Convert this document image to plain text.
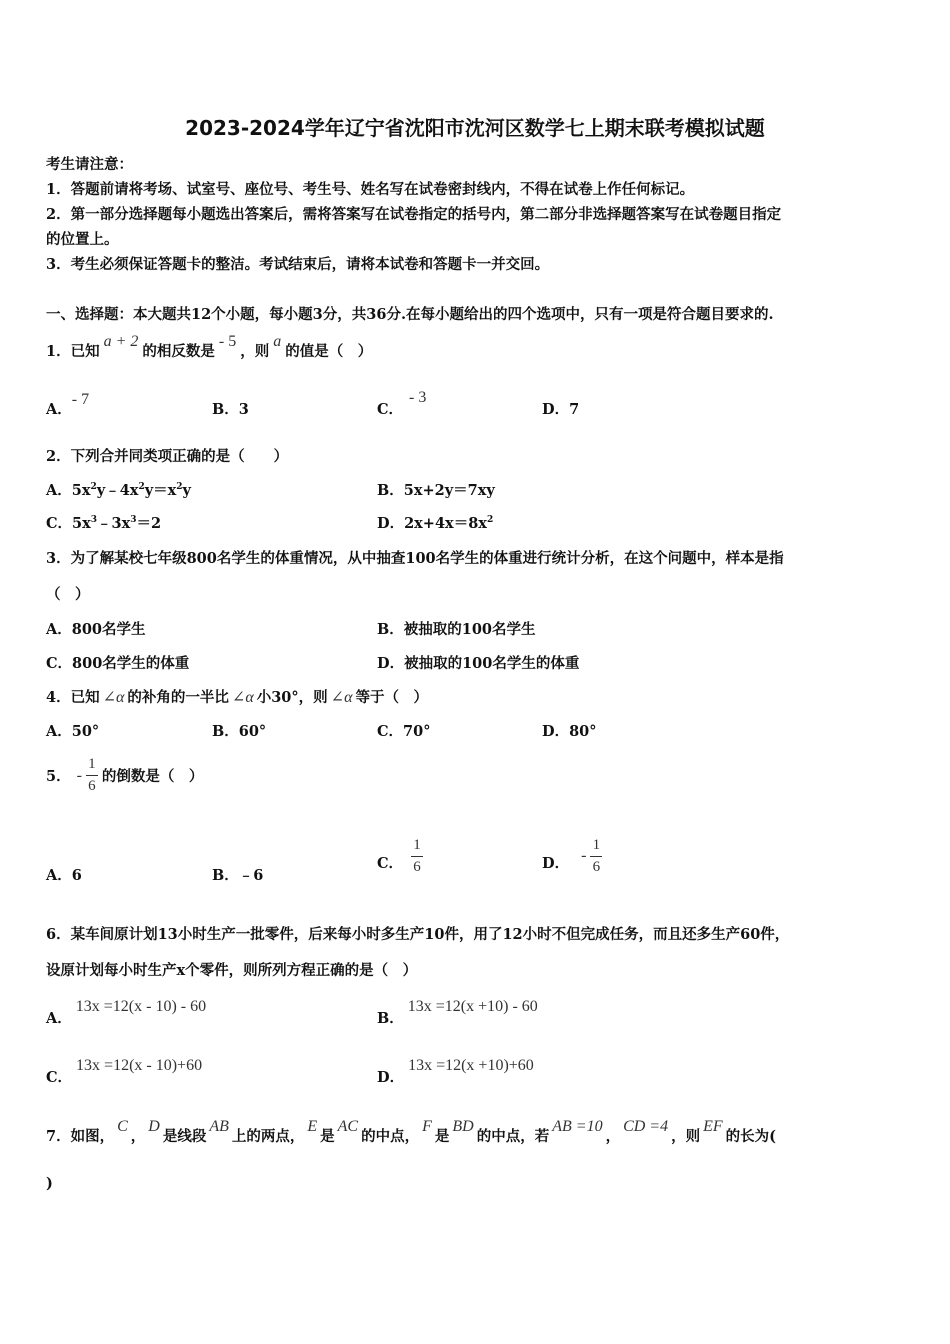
2023-2024学年辽宁省沈阳市沈河区数学七上期末联考模拟试题
考生请注意：
1．答题前请将考场、试室号、座位号、考生号、姓名写在试卷密封线内，不得在试卷上作任何标记。
2．第一部分选择题每小题选出答案后，需将答案写在试卷指定的括号内，第二部分非选择题答案写在试卷题目指定
的位置上。
3．考生必须保证答题卡的整洁。考试结束后，请将本试卷和答题卡一并交回。
一、选择题：本大题共12个小题，每小题3分，共36分.在每小题给出的四个选项中，只有一项是符合题目要求的.
1．已知a + 2的相反数是- 5，则a的值是（　）
A．- 7
B．3	C．- 3
D．7
2．下列合并同类项正确的是（　　）
A．$5x^2y﹣4x^2y=x^2y$	B．5x+2y＝7xy
C．$5x^3﹣3x^3=2$	D．$2x+4x=8x^2$
3．为了解某校七年级800名学生的体重情况，从中抽查100名学生的体重进行统计分析，在这个问题中，样本是指
（　）
A．800名学生	B．被抽取的100名学生
C．800名学生的体重	D．被抽取的100名学生的体重
4．已知 ∠α 的补角的一半比 ∠α 小30°，则 ∠α 等于（　）
A．50°	B．60°	C．70°	D．80°
5． - $\frac{1}{6}$ 的倒数是（　）
A．6	B．﹣6
C． $\frac{1}{6}$	D． - $\frac{1}{6}$
6．某车间原计划13小时生产一批零件，后来每小时多生产10件，用了12小时不但完成任务，而且还多生产60件，
设原计划每小时生产x个零件，则所列方程正确的是（　）
A．13x =12(x - 10) - 60
B．13x =12(x +10) - 60
C．13x =12(x - 10)+60
D．13x =12(x +10)+60
7．如图，C，D是线段AB上的两点，E是AC的中点，F是BD的中点，若AB =10，CD =4，则EF的长为(
)
